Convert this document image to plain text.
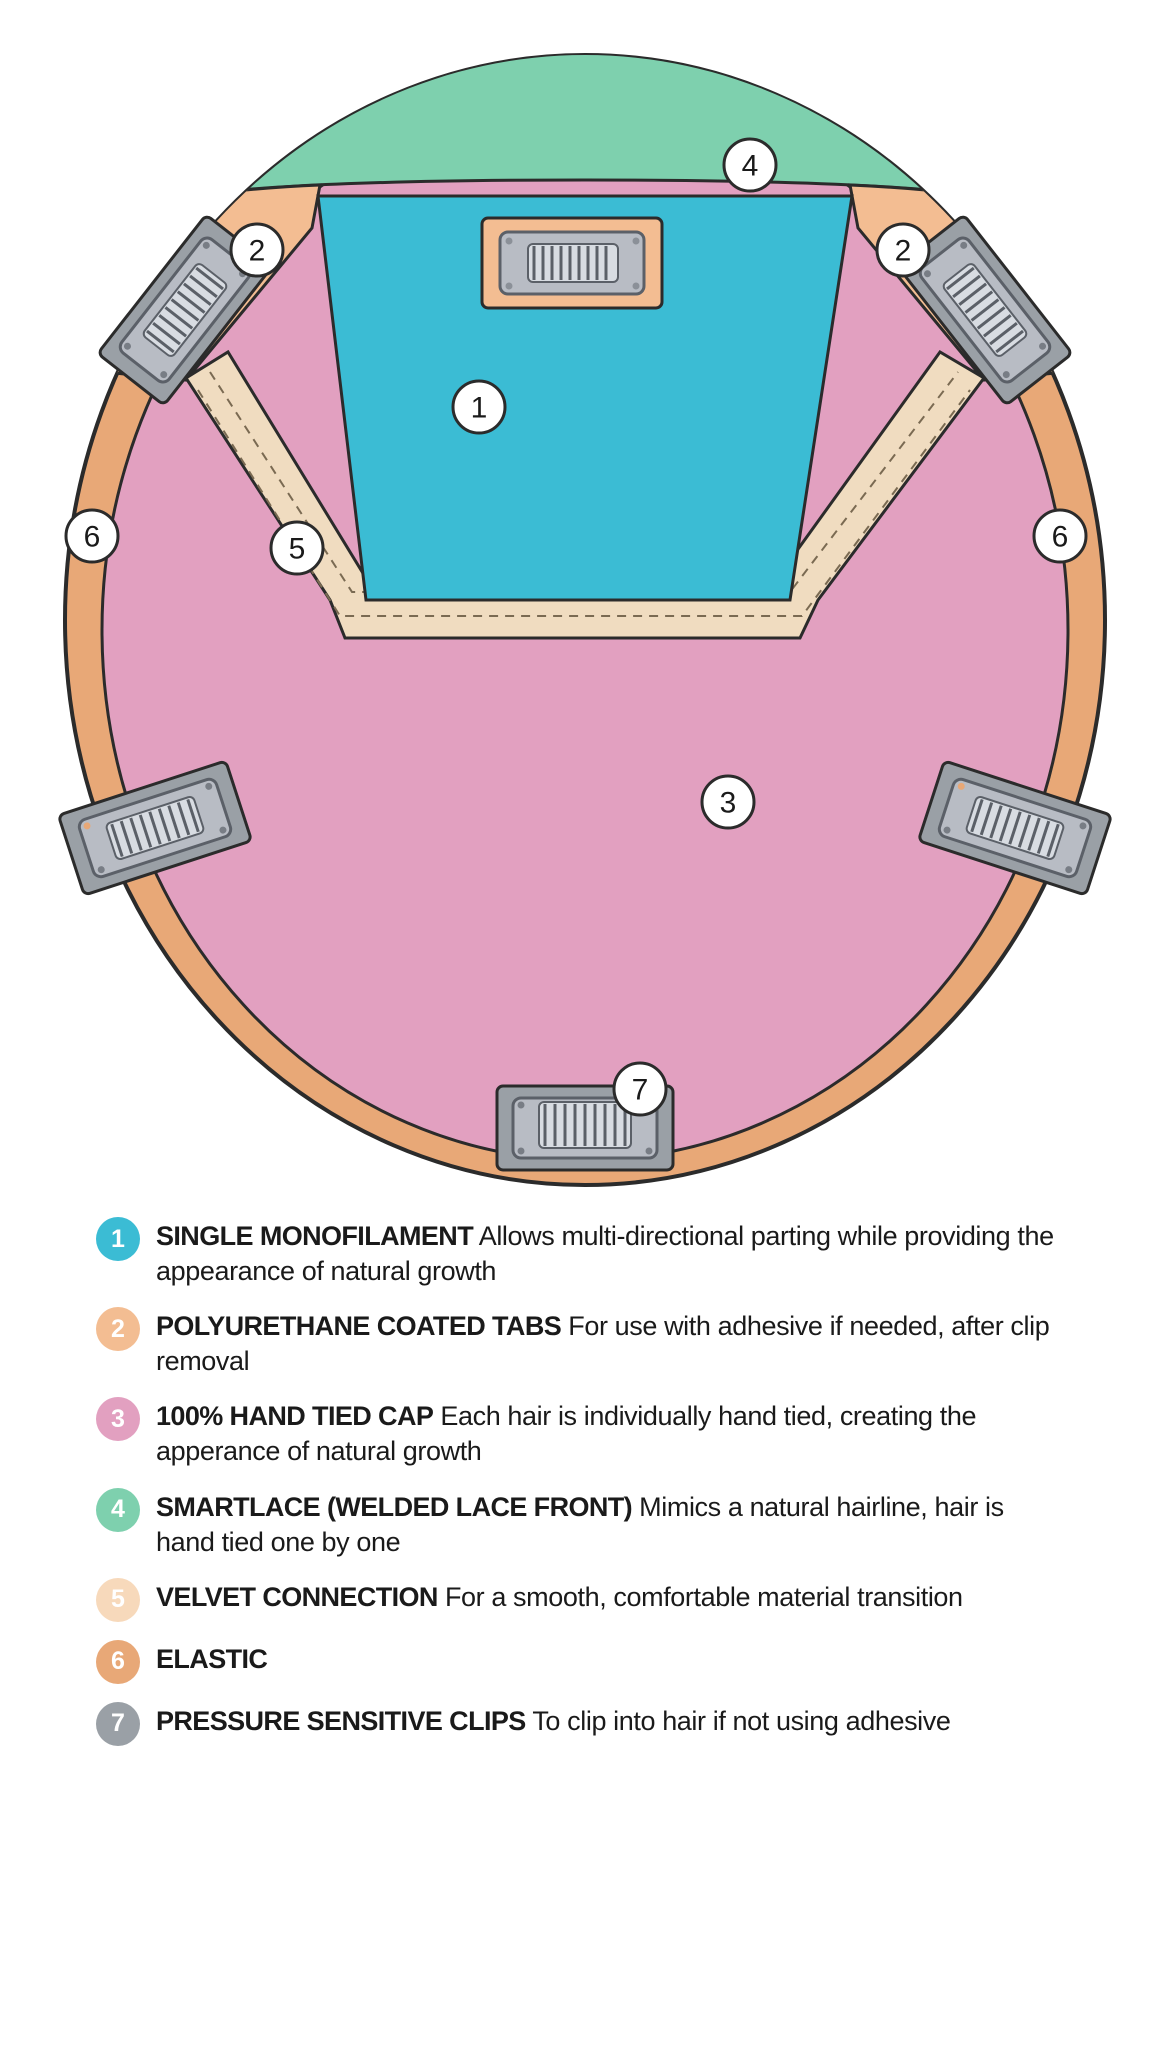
1
2	2
3
4
5
6	6
7
1	SINGLE MONOFILAMENT Allows multi-directional parting while providing the appearance of natural growth
2	POLYURETHANE COATED TABS For use with adhesive if needed, after clip removal
3	100% HAND TIED CAP Each hair is individually hand tied, creating the apperance of natural growth
4	SMARTLACE (WELDED LACE FRONT) Mimics a natural hairline, hair is hand tied one by one
5	VELVET CONNECTION For a smooth, comfortable material transition
6	ELASTIC
7	PRESSURE SENSITIVE CLIPS To clip into hair if not using adhesive
